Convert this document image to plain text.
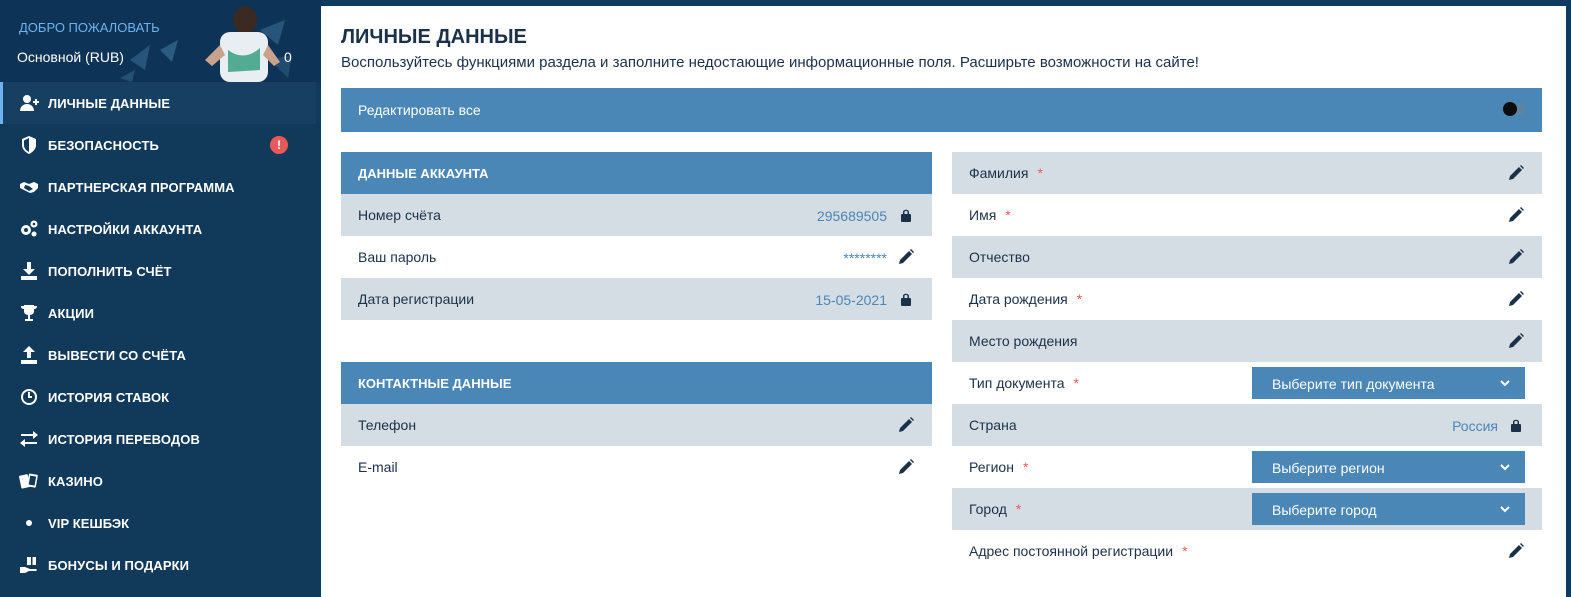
ДОБРО ПОЖАЛОВАТЬ
Основной (RUB)	0
ЛИЧНЫЕ ДАННЫЕ
БЕЗОПАСНОСТЬ	!
ПАРТНЕРСКАЯ ПРОГРАММА
НАСТРОЙКИ АККАУНТА
ПОПОЛНИТЬ СЧЁТ
АКЦИИ
ВЫВЕСТИ СО СЧЁТА
ИСТОРИЯ СТАВОК
ИСТОРИЯ ПЕРЕВОДОВ
КАЗИНО
VIP КЕШБЭК
БОНУСЫ И ПОДАРКИ
ЛИЧНЫЕ ДАННЫЕ
Воспользуйтесь функциями раздела и заполните недостающие информационные поля. Расширьте возможности на сайте!
Редактировать все
ДАННЫЕ АККАУНТА
Номер счёта	295689505
Ваш пароль	********
Дата регистрации	15-05-2021
КОНТАКТНЫЕ ДАННЫЕ
Телефон
E-mail
Фамилия *
Имя *
Отчество
Дата рождения *
Место рождения
Тип документа *	Выберите тип документа
Страна	Россия
Регион *	Выберите регион
Город *	Выберите город
Адрес постоянной регистрации *
